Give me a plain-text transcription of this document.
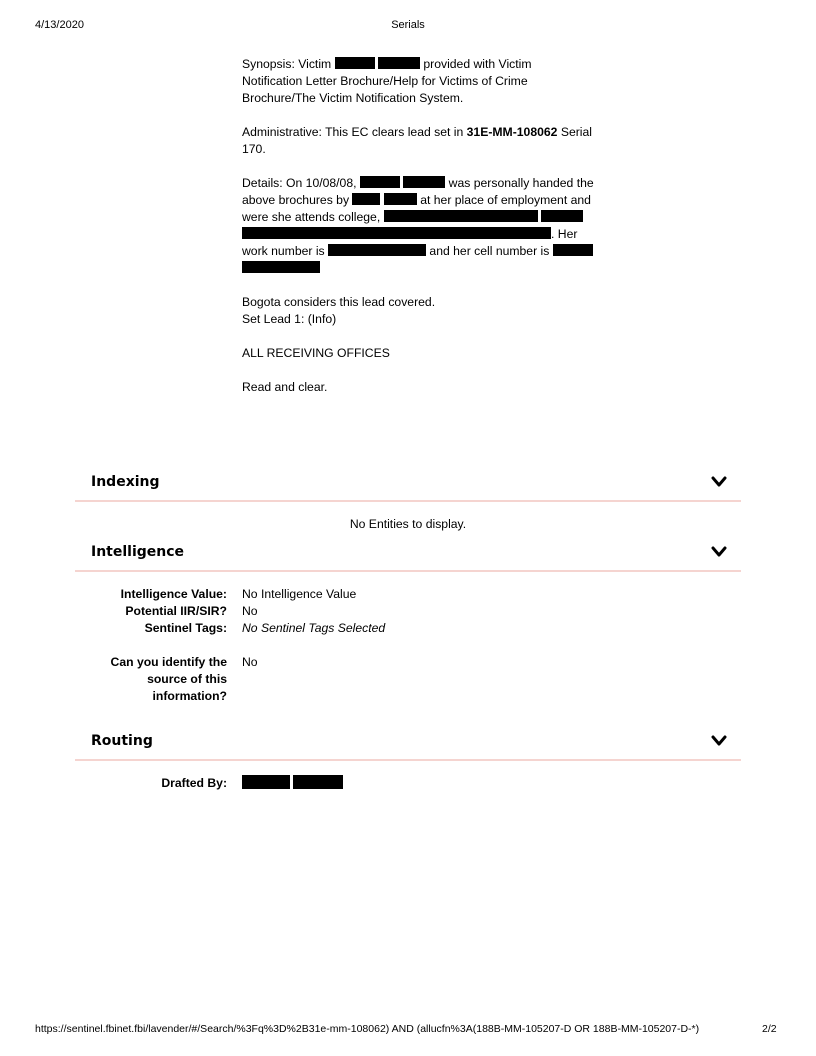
4/13/2020	Serials
Synopsis: Victim	provided with Victim
Notification Letter Brochure/Help for Victims of Crime
Brochure/The Victim Notification System.
Administrative: This EC clears lead set in 31E-MM-108062 Serial
170.
Details: On 10/08/08,	was personally handed the
above brochures by	at her place of employment and
were she attends college,
. Her
work number is	and her cell number is
Bogota considers this lead covered.
Set Lead 1: (Info)
ALL RECEIVING OFFICES
Read and clear.
Indexing
No Entities to display.
Intelligence
Intelligence Value: No Intelligence Value
Potential IIR/SIR? No
Sentinel Tags: No Sentinel Tags Selected
Can you identify the
source of this
information?
No
Routing
Drafted By:

https://sentinel.fbinet.fbi/lavender/#/Search/%3Fq%3D%2B31e-mm-108062) AND (allucfn%3A(188B-MM-105207-D OR 188B-MM-105207-D-*)	2/2
